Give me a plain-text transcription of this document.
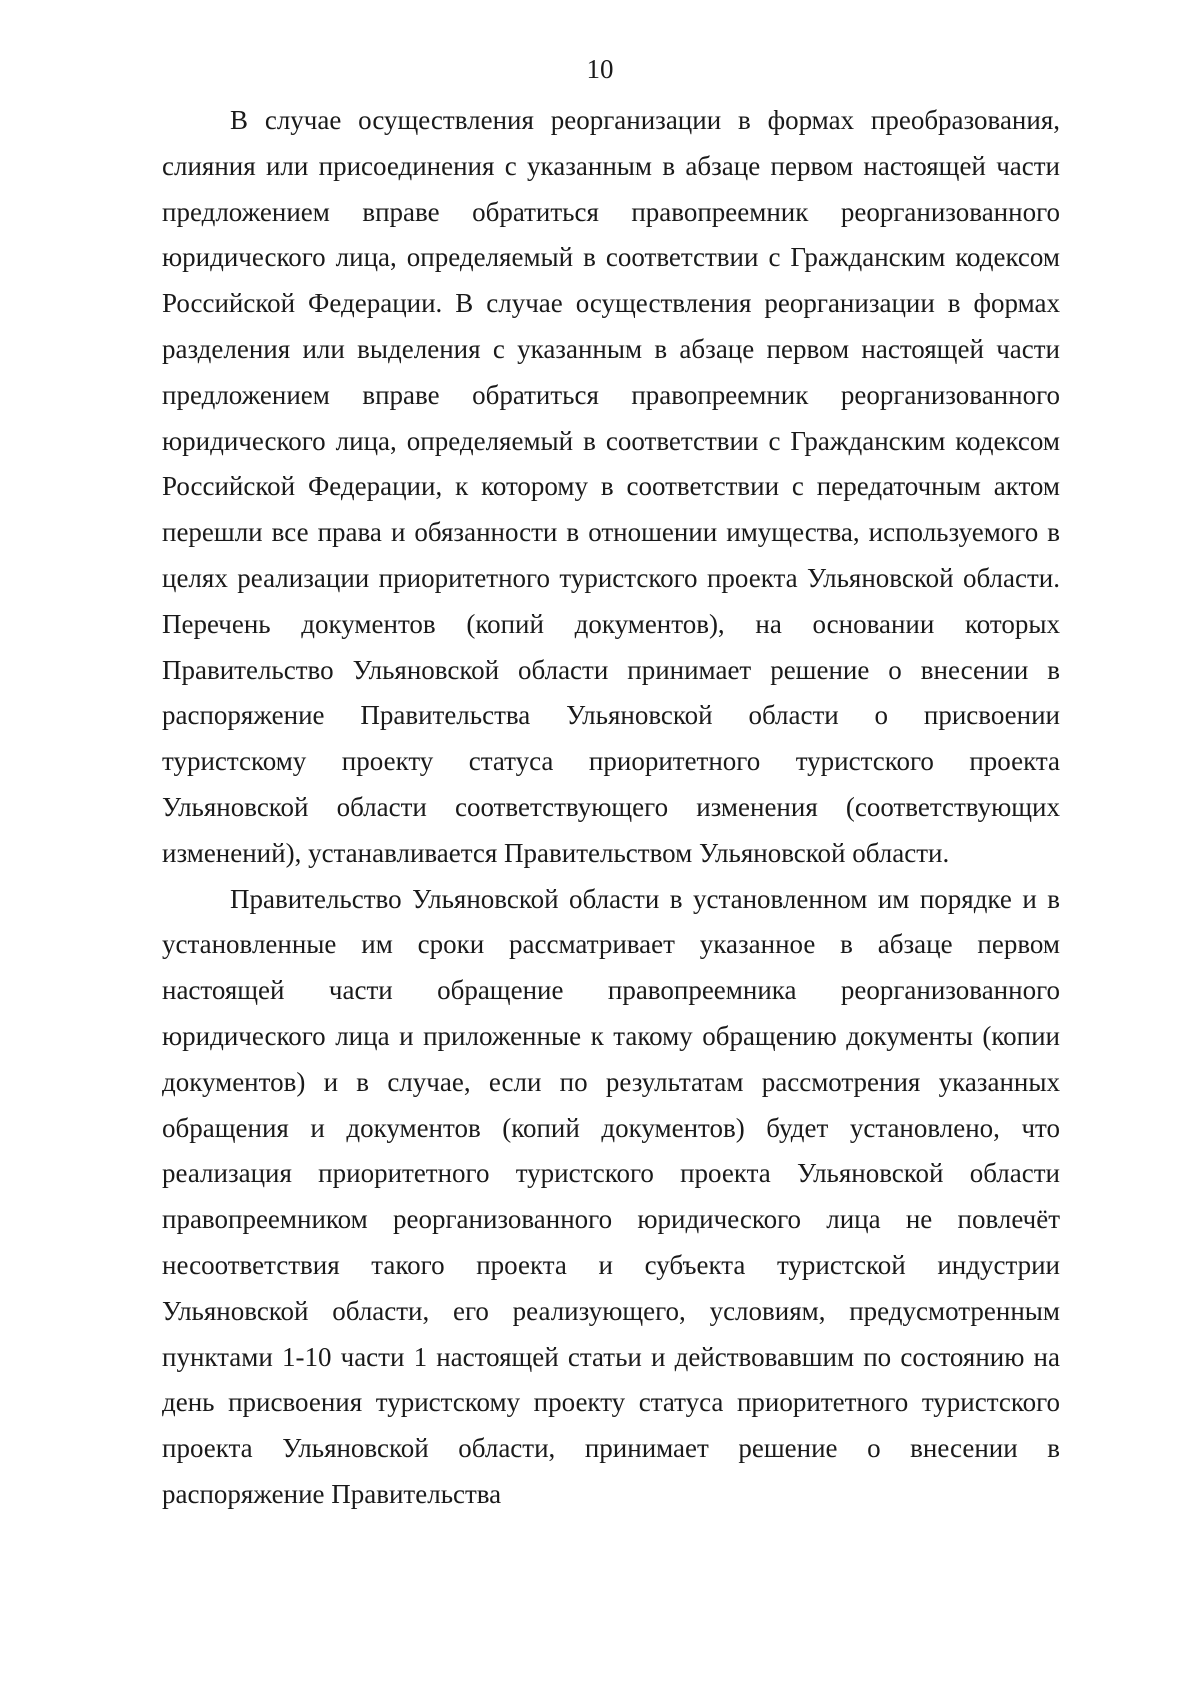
10

В случае осуществления реорганизации в формах преобразования, слияния или присоединения с указанным в абзаце первом настоящей части предложением вправе обратиться правопреемник реорганизованного юридического лица, определяемый в соответствии с Гражданским кодексом Российской Федерации. В случае осуществления реорганизации в формах разделения или выделения с указанным в абзаце первом настоящей части предложением вправе обратиться правопреемник реорганизованного юридического лица, определяемый в соответствии с Гражданским кодексом Российской Федерации, к которому в соответствии с передаточным актом перешли все права и обязанности в отношении имущества, используемого в целях реализации приоритетного туристского проекта Ульяновской области. Перечень документов (копий документов), на основании которых Правительство Ульяновской области принимает решение о внесении в распоряжение Правительства Ульяновской области о присвоении туристскому проекту статуса приоритетного туристского проекта Ульяновской области соответствующего изменения (соответствующих изменений), устанавливается Правительством Ульяновской области.

Правительство Ульяновской области в установленном им порядке и в установленные им сроки рассматривает указанное в абзаце первом настоящей части обращение правопреемника реорганизованного юридического лица и приложенные к такому обращению документы (копии документов) и в случае, если по результатам рассмотрения указанных обращения и документов (копий документов) будет установлено, что реализация приоритетного туристского проекта Ульяновской области правопреемником реорганизованного юридического лица не повлечёт несоответствия такого проекта и субъекта туристской индустрии Ульяновской области, его реализующего, условиям, предусмотренным пунктами 1-10 части 1 настоящей статьи и действовавшим по состоянию на день присвоения туристскому проекту статуса приоритетного туристского проекта Ульяновской области, принимает решение о внесении в распоряжение Правительства
